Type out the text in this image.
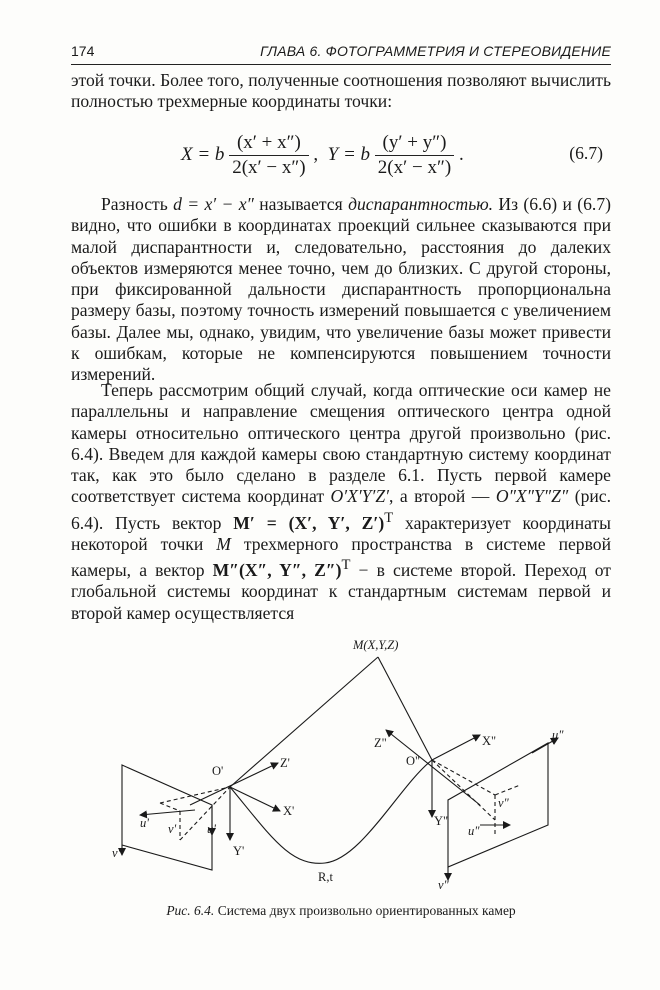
174	ГЛАВА 6. ФОТОГРАММЕТРИЯ И СТЕРЕОВИДЕНИЕ

этой точки. Более того, полученные соотношения позволяют вычислить полностью трехмерные координаты точки:

X = b $\frac{(x' + x'')}{2(x' - x'')}$ ,  Y = b $\frac{(y' + y'')}{2(x' - x'')}$ .	(6.7)

Разность d = x′ − x″ называется диспарантностью. Из (6.6) и (6.7) видно, что ошибки в координатах проекций сильнее сказываются при малой диспарантности и, следовательно, расстояния до далеких объектов измеряются менее точно, чем до близких. С другой стороны, при фиксированной дальности диспарантность пропорциональна размеру базы, поэтому точность измерений повышается с увеличением базы. Далее мы, однако, увидим, что увеличение базы может привести к ошибкам, которые не компенсируются повышением точности измерений.

Теперь рассмотрим общий случай, когда оптические оси камер не параллельны и направление смещения оптического центра одной камеры относительно оптического центра другой произвольно (рис. 6.4). Введем для каждой камеры свою стандартную систему координат так, как это было сделано в разделе 6.1. Пусть первой камере соответствует система координат O′X′Y′Z′, а второй — O″X″Y″Z″ (рис. 6.4). Пусть вектор M′ = (X′, Y′, Z′)$^T$ характеризует координаты некоторой точки M трехмерного пространства в системе первой камеры, а вектор M″(X″, Y″, Z″)$^T$ − в системе второй. Переход от глобальной системы координат к стандартным системам первой и второй камер осуществляется

M(X,Y,Z)
O'
Z'
X'
Y'
u'
v'
ν' u'
R,t
O"
Z"	X"
Y"
u"
v"
ν"
u"
Рис. 6.4. Система двух произвольно ориентированных камер
